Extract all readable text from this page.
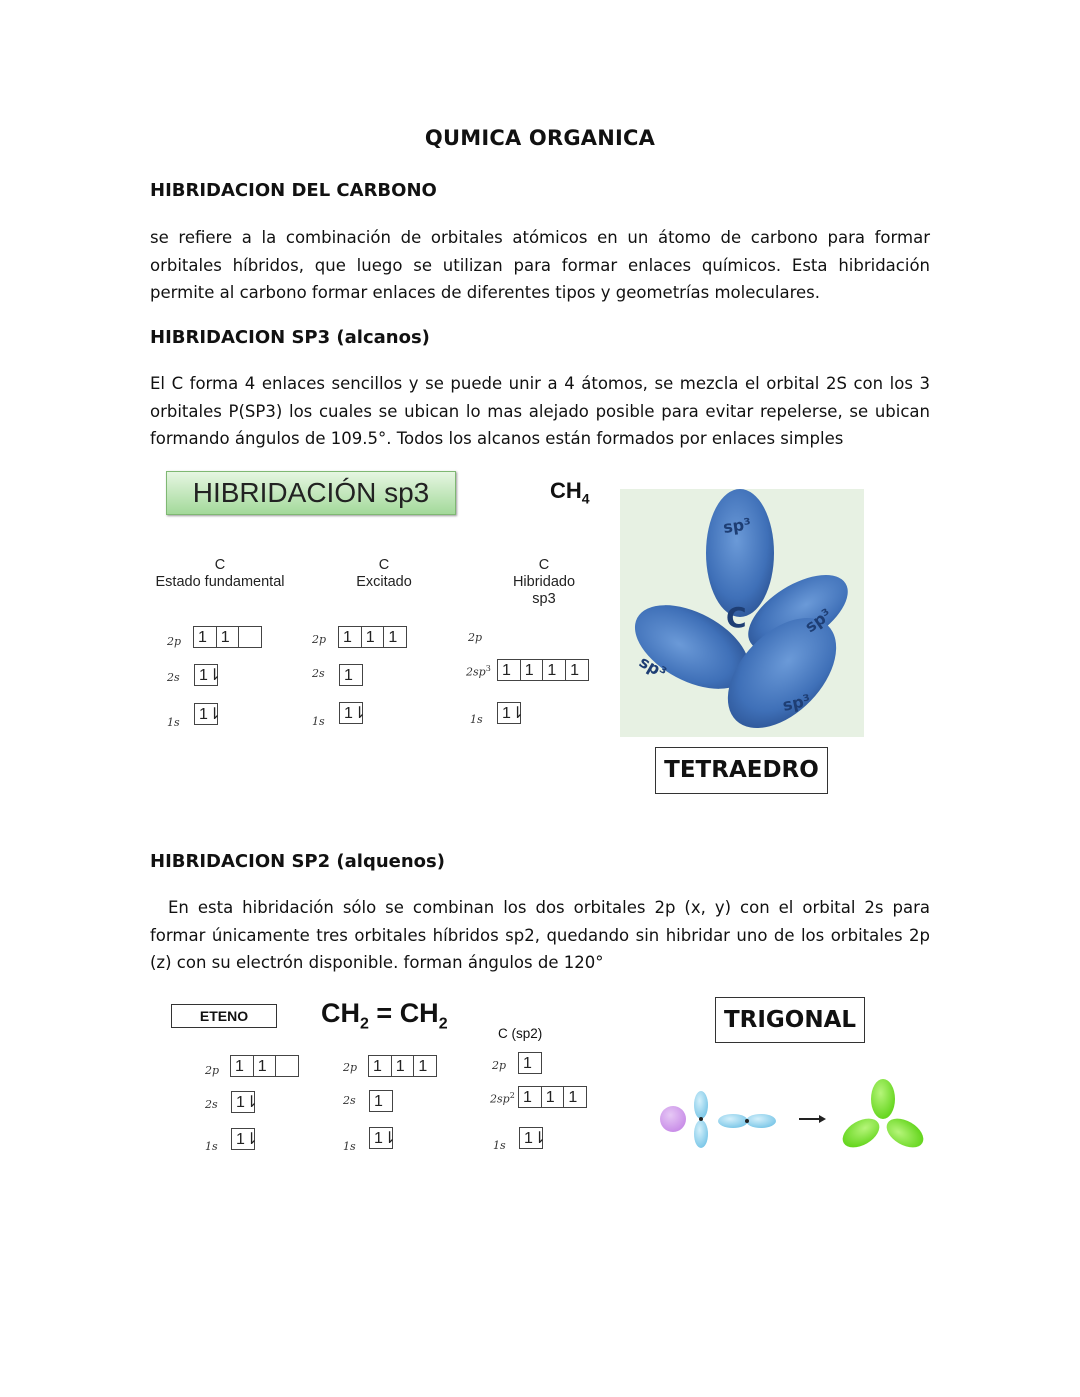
QUMICA ORGANICA
HIBRIDACION DEL CARBONO
se refiere a la combinación de orbitales atómicos en un átomo de carbono para formar orbitales híbridos, que luego se utilizan para formar enlaces químicos. Esta hibridación permite al carbono formar enlaces de diferentes tipos y geometrías moleculares.
HIBRIDACION SP3 (alcanos)
El C forma 4 enlaces sencillos y se puede unir a 4 átomos, se mezcla el orbital 2S con los 3 orbitales P(SP3) los cuales se ubican lo mas alejado posible para evitar repelerse, se ubican formando ángulos de 109.5°. Todos los alcanos están formados por enlaces simples
HIBRIDACIÓN sp3	$CH_4$
C
Estado fundamental
C
Excitado
C
Hibridado
sp3
2p	1 1
2s	1⇂
1s	1⇂
2p	1 1 1
2s	1
1s	1⇂
2p
$2sp^3$ 1 1 1 1
1s	1⇂
C
sp³
sp³
sp³
sp³
TETRAEDRO
HIBRIDACION SP2 (alquenos)
En esta hibridación sólo se combinan los dos orbitales 2p (x, y) con el orbital 2s para formar únicamente tres orbitales híbridos sp2, quedando sin hibridar uno de los orbitales 2p (z) con su electrón disponible. forman ángulos de 120°
ETENO	$CH_2 = CH_2$
C (sp2)
2p 1 1
2s	1⇂
1s	1⇂
2p 1 1 1
2s	1
1s	1⇂
2p	1
$2sp^2$ 1 1 1
1s	1⇂
TRIGONAL
